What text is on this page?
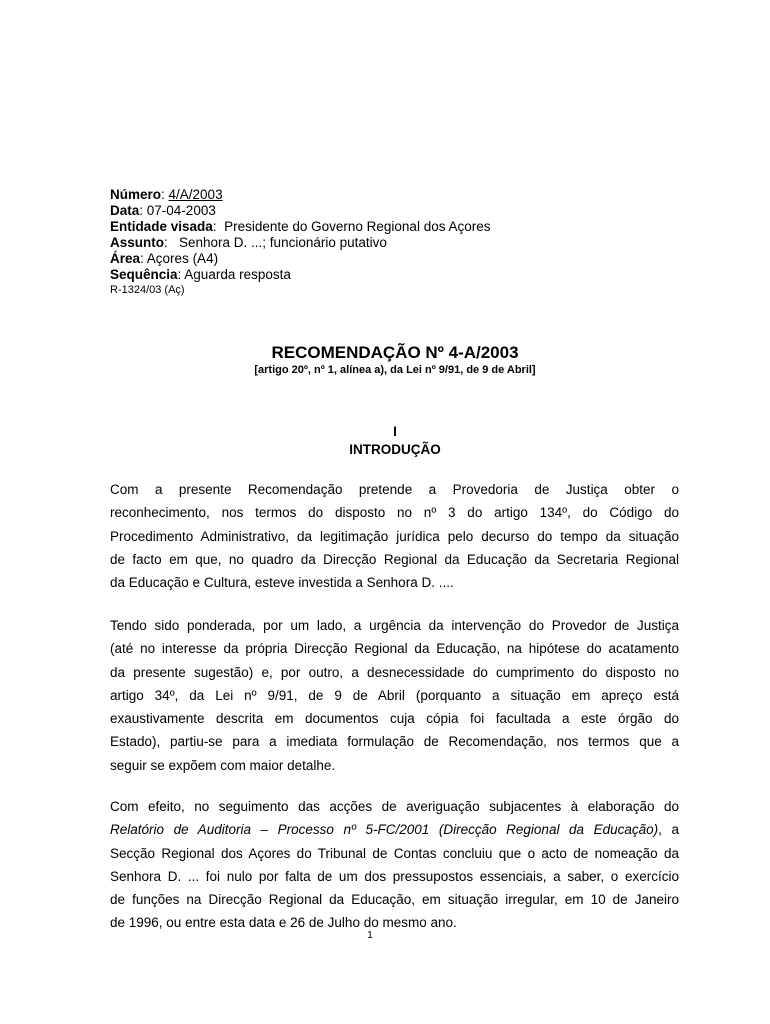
Número: 4/A/2003
Data: 07-04-2003
Entidade visada:  Presidente do Governo Regional dos Açores
Assunto:   Senhora D. ...; funcionário putativo
Área: Açores (A4)
Sequência: Aguarda resposta
R-1324/03 (Aç)
RECOMENDAÇÃO Nº 4-A/2003
[artigo 20º, nº 1, alínea a), da Lei nº 9/91, de 9 de Abril]
I
INTRODUÇÃO
Com a presente Recomendação pretende a Provedoria de Justiça obter o
reconhecimento, nos termos do disposto no nº 3 do artigo 134º, do Código do
Procedimento Administrativo, da legitimação jurídica pelo decurso do tempo da situação
de facto em que, no quadro da Direcção Regional da Educação da Secretaria Regional
da Educação e Cultura, esteve investida a Senhora D. ....
Tendo sido ponderada, por um lado, a urgência da intervenção do Provedor de Justiça
(até no interesse da própria Direcção Regional da Educação, na hipótese do acatamento
da presente sugestão) e, por outro, a desnecessidade do cumprimento do disposto no
artigo 34º, da Lei nº 9/91, de 9 de Abril (porquanto a situação em apreço está
exaustivamente descrita em documentos cuja cópia foi facultada a este órgão do
Estado), partiu-se para a imediata formulação de Recomendação, nos termos que a
seguir se expõem com maior detalhe.
Com efeito, no seguimento das acções de averiguação subjacentes à elaboração do
Relatório de Auditoria – Processo nº 5-FC/2001 (Direcção Regional da Educação), a
Secção Regional dos Açores do Tribunal de Contas concluiu que o acto de nomeação da
Senhora D. ... foi nulo por falta de um dos pressupostos essenciais, a saber, o exercício
de funções na Direcção Regional da Educação, em situação irregular, em 10 de Janeiro
de 1996, ou entre esta data e 26 de Julho do mesmo ano.
1
